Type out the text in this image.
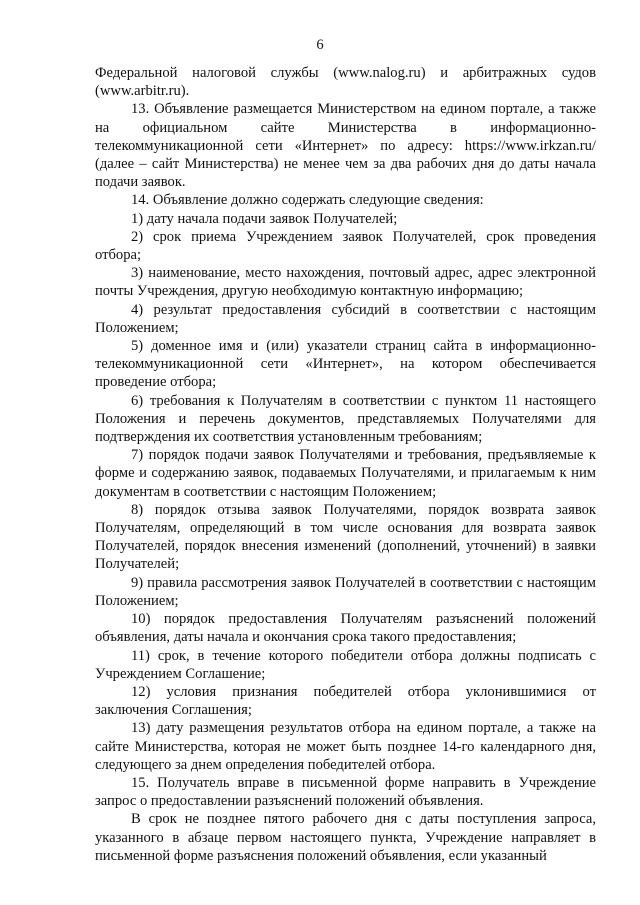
6

Федеральной налоговой службы (www.nalog.ru) и арбитражных судов (www.arbitr.ru).

13. Объявление размещается Министерством на едином портале, а также на официальном сайте Министерства в информационно-телекоммуникационной сети «Интернет» по адресу: https://www.irkzan.ru/ (далее – сайт Министерства) не менее чем за два рабочих дня до даты начала подачи заявок.

14. Объявление должно содержать следующие сведения:

1) дату начала подачи заявок Получателей;

2) срок приема Учреждением заявок Получателей, срок проведения отбора;

3) наименование, место нахождения, почтовый адрес, адрес электронной почты Учреждения, другую необходимую контактную информацию;

4) результат предоставления субсидий в соответствии с настоящим Положением;

5) доменное имя и (или) указатели страниц сайта в информационно-телекоммуникационной сети «Интернет», на котором обеспечивается проведение отбора;

6) требования к Получателям в соответствии с пунктом 11 настоящего Положения и перечень документов, представляемых Получателями для подтверждения их соответствия установленным требованиям;

7) порядок подачи заявок Получателями и требования, предъявляемые к форме и содержанию заявок, подаваемых Получателями, и прилагаемым к ним документам в соответствии с настоящим Положением;

8) порядок отзыва заявок Получателями, порядок возврата заявок Получателям, определяющий в том числе основания для возврата заявок Получателей, порядок внесения изменений (дополнений, уточнений) в заявки Получателей;

9) правила рассмотрения заявок Получателей в соответствии с настоящим Положением;

10) порядок предоставления Получателям разъяснений положений объявления, даты начала и окончания срока такого предоставления;

11) срок, в течение которого победители отбора должны подписать с Учреждением Соглашение;

12) условия признания победителей отбора уклонившимися от заключения Соглашения;

13) дату размещения результатов отбора на едином портале, а также на сайте Министерства, которая не может быть позднее 14-го календарного дня, следующего за днем определения победителей отбора.

15. Получатель вправе в письменной форме направить в Учреждение запрос о предоставлении разъяснений положений объявления.

В срок не позднее пятого рабочего дня с даты поступления запроса, указанного в абзаце первом настоящего пункта, Учреждение направляет в письменной форме разъяснения положений объявления, если указанный
